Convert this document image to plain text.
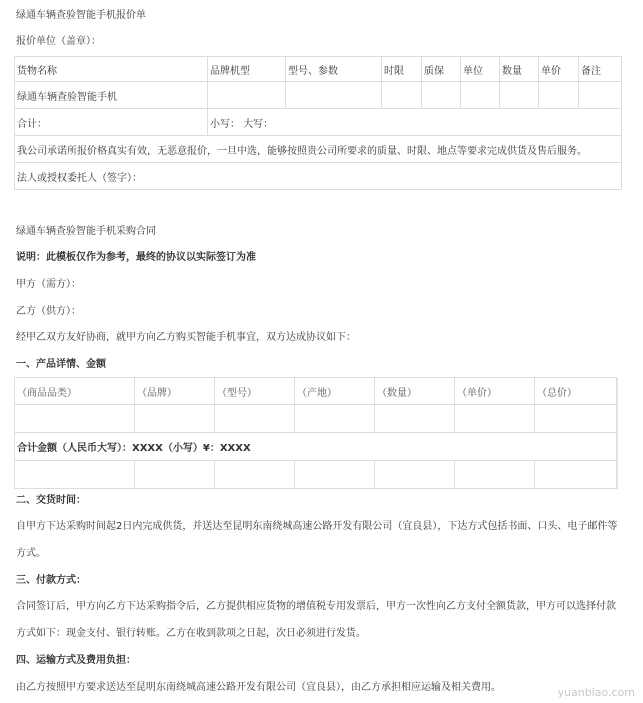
绿通车辆查验智能手机报价单
报价单位（盖章）：
货物名称	品牌机型	型号、参数	时限	质保	单位	数量	单价	备注
绿通车辆查验智能手机								
合计：	小写： 大写：							
我公司承诺所报价格真实有效，无恶意报价，一旦中选，能够按照贵公司所要求的质量、时限、地点等要求完成供货及售后服务。								
法人或授权委托人（签字）：								
绿通车辆查验智能手机采购合同
说明：此模板仅作为参考，最终的协议以实际签订为准
甲方（需方）：
乙方（供方）：
经甲乙双方友好协商，就甲方向乙方购买智能手机事宜，双方达成协议如下：
一、产品详情、金额
（商品品类）	（品牌）	（型号）	（产地）	（数量）	（单价）	（总价）

合计金额（人民币大写）：XXXX（小写）¥：XXXX						

二、交货时间：
自甲方下达采购时间起2日内完成供货，并送达至昆明东南绕城高速公路开发有限公司（宜良县），下达方式包括书面、口头、电子邮件等
方式。
三、付款方式：
合同签订后，甲方向乙方下达采购指令后，乙方提供相应货物的增值税专用发票后，甲方一次性向乙方支付全额货款，甲方可以选择付款
方式如下：现金支付、银行转账。乙方在收到款项之日起，次日必须进行发货。
四、运输方式及费用负担：
由乙方按照甲方要求送达至昆明东南绕城高速公路开发有限公司（宜良县），由乙方承担相应运输及相关费用。	yuanbiao.com
